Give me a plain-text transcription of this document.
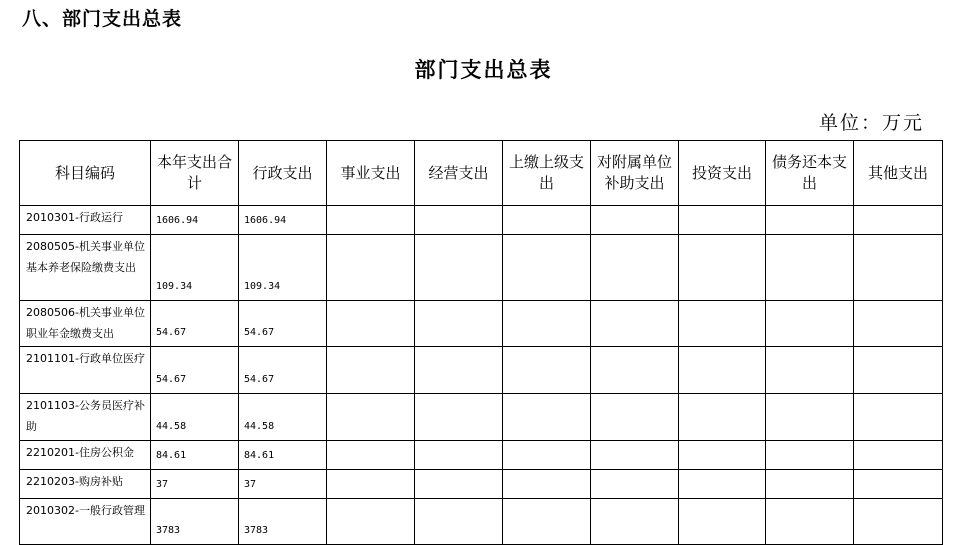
八、部门支出总表
部门支出总表
单位：万元
科目编码	本年支出合计	行政支出	事业支出	经营支出	上缴上级支出	对附属单位补助支出	投资支出	债务还本支出	其他支出
2010301-行政运行	1606.94	1606.94							
2080505-机关事业单位基本养老保险缴费支出	109.34	109.34							
2080506-机关事业单位职业年金缴费支出	54.67	54.67							
2101101-行政单位医疗	54.67	54.67							
2101103-公务员医疗补助	44.58	44.58							
2210201-住房公积金	84.61	84.61							
2210203-购房补贴	37	37							
2010302-一般行政管理	3783	3783							
